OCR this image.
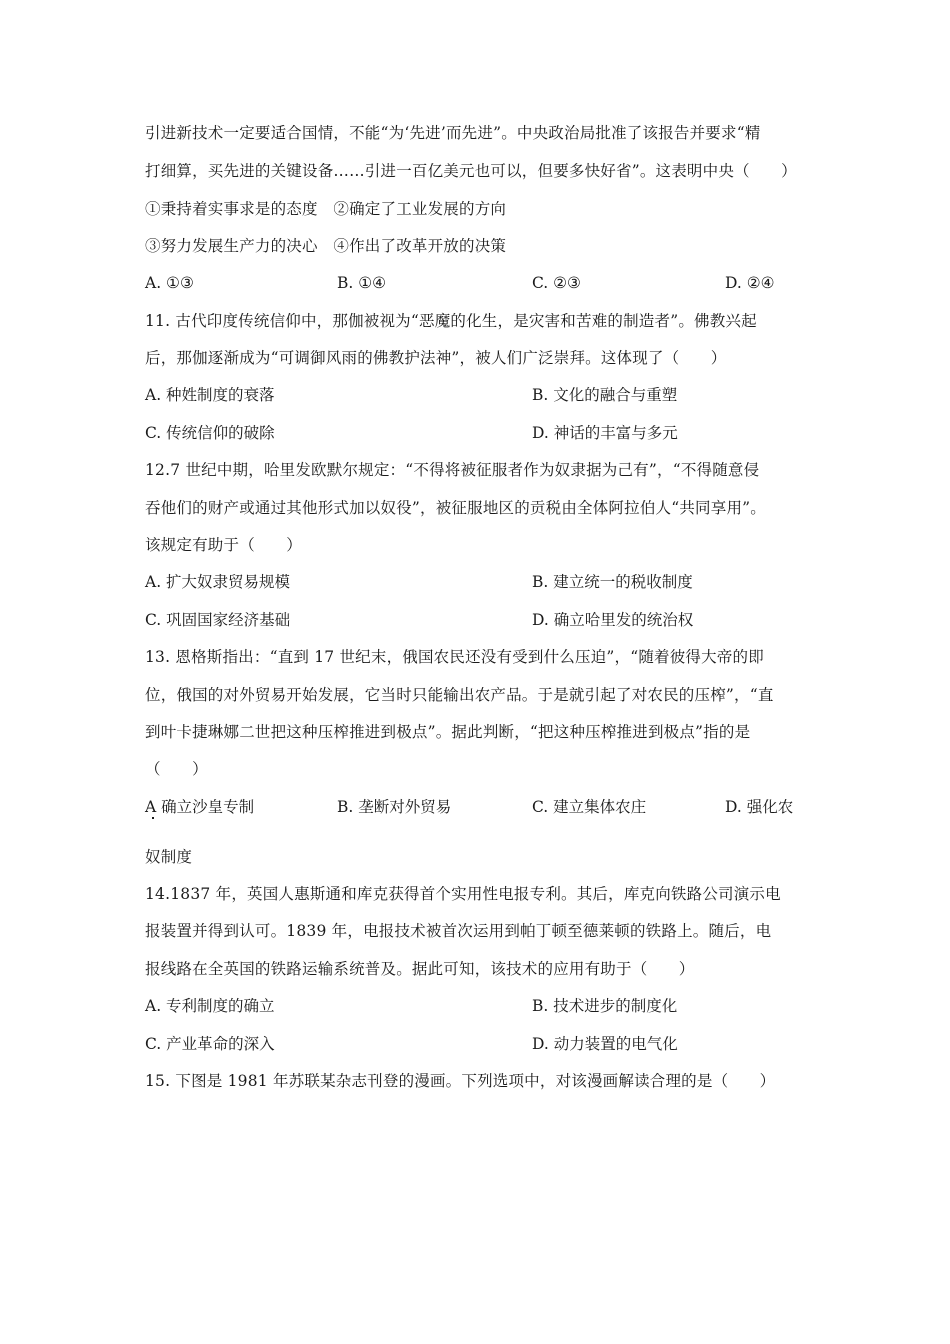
引进新技术一定要适合国情，不能“为‘先进’而先进”。中央政治局批准了该报告并要求“精
打细算，买先进的关键设备……引进一百亿美元也可以，但要多快好省”。这表明中央（　　）
①秉持着实事求是的态度　②确定了工业发展的方向
③努力发展生产力的决心　④作出了改革开放的决策
A. ①③	B. ①④	C. ②③	D. ②④
11. 古代印度传统信仰中，那伽被视为“恶魔的化生，是灾害和苦难的制造者”。佛教兴起
后，那伽逐渐成为“可调御风雨的佛教护法神”，被人们广泛崇拜。这体现了（　　）
A. 种姓制度的衰落	B. 文化的融合与重塑
C. 传统信仰的破除	D. 神话的丰富与多元
12.7 世纪中期，哈里发欧默尔规定：“不得将被征服者作为奴隶据为己有”，“不得随意侵
吞他们的财产或通过其他形式加以奴役”，被征服地区的贡税由全体阿拉伯人“共同享用”。
该规定有助于（　　）
A. 扩大奴隶贸易规模	B. 建立统一的税收制度
C. 巩固国家经济基础	D. 确立哈里发的统治权
13. 恩格斯指出：“直到 17 世纪末，俄国农民还没有受到什么压迫”，“随着彼得大帝的即
位，俄国的对外贸易开始发展，它当时只能输出农产品。于是就引起了对农民的压榨”，“直
到叶卡捷琳娜二世把这种压榨推进到极点”。据此判断，“把这种压榨推进到极点”指的是
（　　）
A 确立沙皇专制	B. 垄断对外贸易	C. 建立集体农庄	D. 强化农
奴制度
14.1837 年，英国人惠斯通和库克获得首个实用性电报专利。其后，库克向铁路公司演示电
报装置并得到认可。1839 年，电报技术被首次运用到帕丁顿至德莱顿的铁路上。随后，电
报线路在全英国的铁路运输系统普及。据此可知，该技术的应用有助于（　　）
A. 专利制度的确立	B. 技术进步的制度化
C. 产业革命的深入	D. 动力装置的电气化
15. 下图是 1981 年苏联某杂志刊登的漫画。下列选项中，对该漫画解读合理的是（　　）
